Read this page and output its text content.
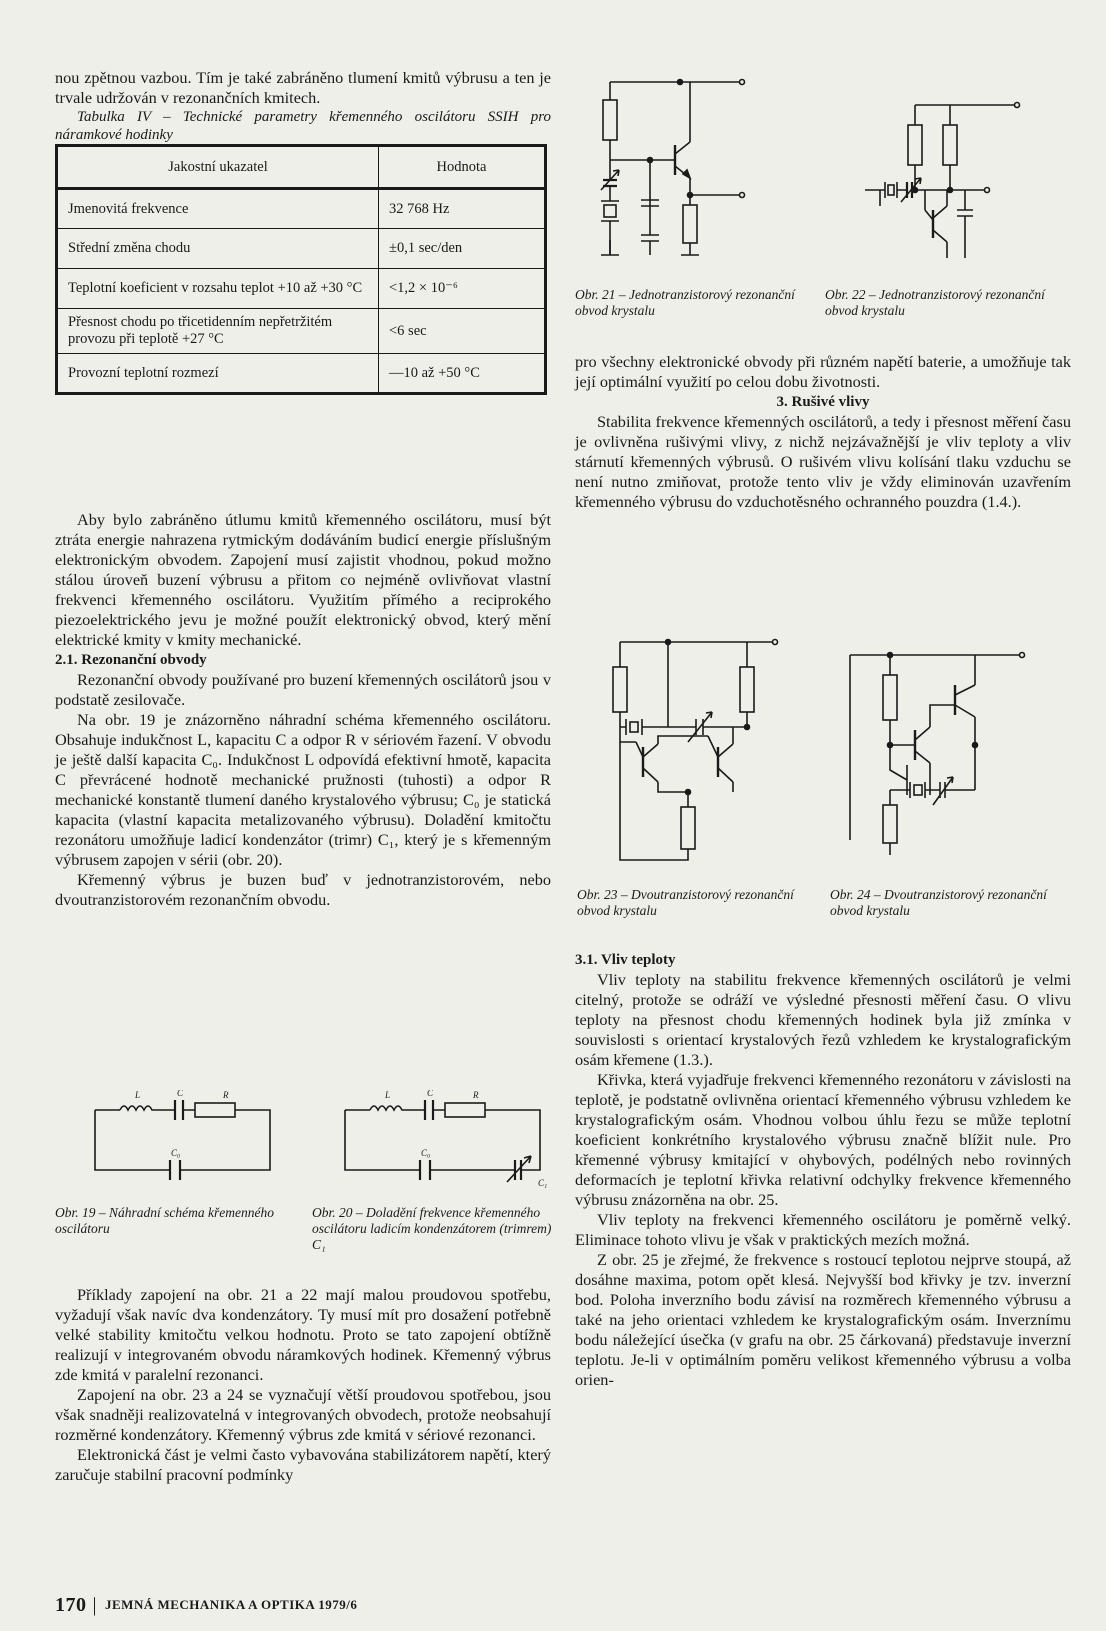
nou zpětnou vazbou. Tím je také zabráněno tlumení kmitů výbrusu a ten je trvale udržován v rezonančních kmitech.

Tabulka IV – Technické parametry křemenného oscilátoru SSIH pro náramkové hodinky

Jakostní ukazatel	Hodnota
Jmenovitá frekvence	32 768 Hz
Střední změna chodu	±0,1 sec/den
Teplotní koeficient v rozsahu teplot +10 až +30 °C	<1,2 × 10⁻⁶
Přesnost chodu po třicetidenním nepřetržitém provozu při teplotě +27 °C	<6 sec
Provozní teplotní rozmezí	—10 až +50 °C

Aby bylo zabráněno útlumu kmitů křemenného oscilátoru, musí být ztráta energie nahrazena rytmickým dodáváním budicí energie příslušným elektronickým obvodem. Zapojení musí zajistit vhodnou, pokud možno stálou úroveň buzení výbrusu a přitom co nejméně ovlivňovat vlastní frekvenci křemenného oscilátoru. Využitím přímého a reciprokého piezoelektrického jevu je možné použít elektronický obvod, který mění elektrické kmity v kmity mechanické.

2.1. Rezonanční obvody

Rezonanční obvody používané pro buzení křemenných oscilátorů jsou v podstatě zesilovače.

Na obr. 19 je znázorněno náhradní schéma křemenného oscilátoru. Obsahuje indukčnost L, kapacitu C a odpor R v sériovém řazení. V obvodu je ještě další kapacita C₀. Indukčnost L odpovídá efektivní hmotě, kapacita C převrácené hodnotě mechanické pružnosti (tuhosti) a odpor R mechanické konstantě tlumení daného krystalového výbrusu; C₀ je statická kapacita (vlastní kapacita metalizovaného výbrusu). Doladění kmitočtu rezonátoru umožňuje ladicí kondenzátor (trimr) C₁, který je s křemenným výbrusem zapojen v sérii (obr. 20).

Křemenný výbrus je buzen buď v jednotranzistorovém, nebo dvoutranzistorovém rezonančním obvodu.

L	C	R
C₀
Obr. 19 – Náhradní schéma křemenného oscilátoru
L	C	R
C₀
C₁
Obr. 20 – Doladění frekvence křemenného oscilátoru ladicím kondenzátorem (trimrem) C₁

Příklady zapojení na obr. 21 a 22 mají malou proudovou spotřebu, vyžadují však navíc dva kondenzátory. Ty musí mít pro dosažení potřebně velké stability kmitočtu velkou hodnotu. Proto se tato zapojení obtížně realizují v integrovaném obvodu náramkových hodinek. Křemenný výbrus zde kmitá v paralelní rezonanci.

Zapojení na obr. 23 a 24 se vyznačují větší proudovou spotřebou, jsou však snadněji realizovatelná v integrovaných obvodech, protože neobsahují rozměrné kondenzátory. Křemenný výbrus zde kmitá v sériové rezonanci.

Elektronická část je velmi často vybavována stabilizátorem napětí, který zaručuje stabilní pracovní podmínky

Obr. 21 – Jednotranzistorový rezonanční obvod krystalu
Obr. 22 – Jednotranzistorový rezonanční obvod krystalu

pro všechny elektronické obvody při různém napětí baterie, a umožňuje tak její optimální využití po celou dobu životnosti.

3. Rušivé vlivy

Stabilita frekvence křemenných oscilátorů, a tedy i přesnost měření času je ovlivněna rušivými vlivy, z nichž nejzávažnější je vliv teploty a vliv stárnutí křemenných výbrusů. O rušivém vlivu kolísání tlaku vzduchu se není nutno zmiňovat, protože tento vliv je vždy eliminován uzavřením křemenného výbrusu do vzduchotěsného ochranného pouzdra (1.4.).

Obr. 23 – Dvoutranzistorový rezonanční obvod krystalu
Obr. 24 – Dvoutranzistorový rezonanční obvod krystalu

3.1. Vliv teploty

Vliv teploty na stabilitu frekvence křemenných oscilátorů je velmi citelný, protože se odráží ve výsledné přesnosti měření času. O vlivu teploty na přesnost chodu křemenných hodinek byla již zmínka v souvislosti s orientací krystalových řezů vzhledem ke krystalografickým osám křemene (1.3.).

Křivka, která vyjadřuje frekvenci křemenného rezonátoru v závislosti na teplotě, je podstatně ovlivněna orientací křemenného výbrusu vzhledem ke krystalografickým osám. Vhodnou volbou úhlu řezu se může teplotní koeficient konkrétního krystalového výbrusu značně blížit nule. Pro křemenné výbrusy kmitající v ohybových, podélných nebo rovinných deformacích je teplotní křivka relativní odchylky frekvence křemenného výbrusu znázorněna na obr. 25.

Vliv teploty na frekvenci křemenného oscilátoru je poměrně velký. Eliminace tohoto vlivu je však v praktických mezích možná.

Z obr. 25 je zřejmé, že frekvence s rostoucí teplotou nejprve stoupá, až dosáhne maxima, potom opět klesá. Nejvyšší bod křivky je tzv. inverzní bod. Poloha inverzního bodu závisí na rozměrech křemenného výbrusu a také na jeho orientaci vzhledem ke krystalografickým osám. Inverznímu bodu náležející úsečka (v grafu na obr. 25 čárkovaná) představuje inverzní teplotu. Je-li v optimálním poměru velikost křemenného výbrusu a volba orien-

170 | JEMNÁ MECHANIKA A OPTIKA 1979/6
